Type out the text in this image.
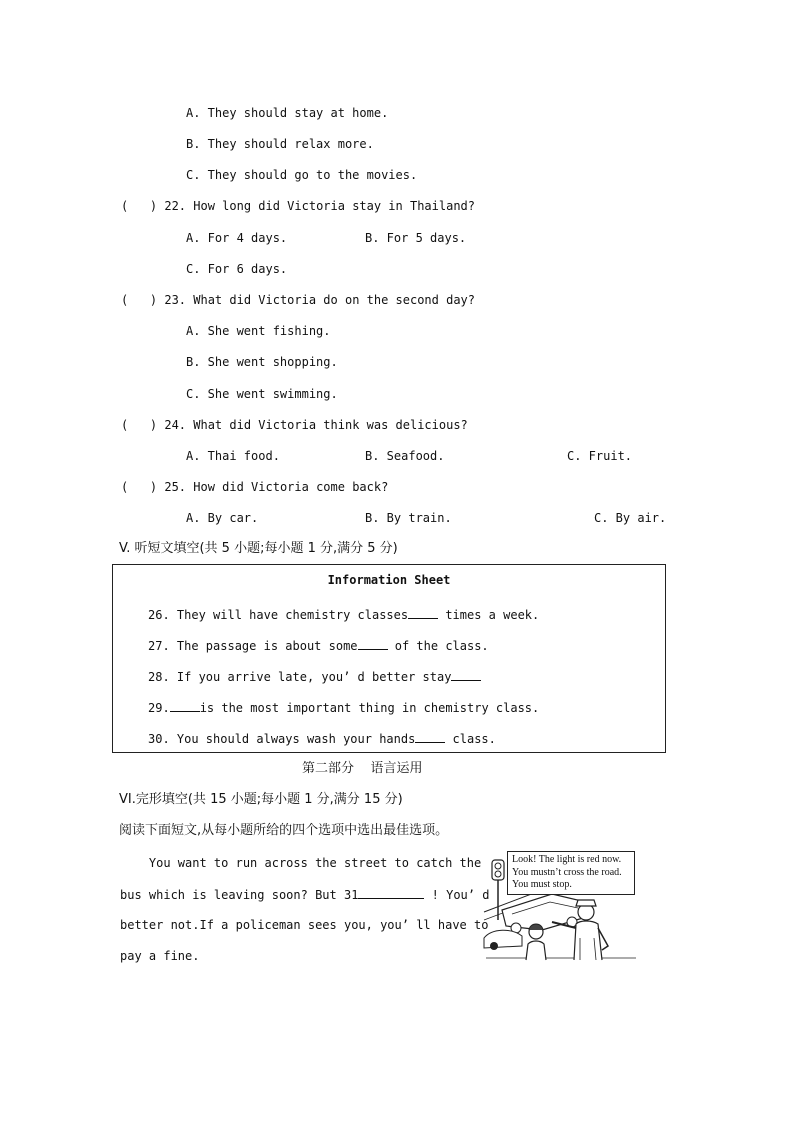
A. They should stay at home.
B. They should relax more.
C. They should go to the movies.
(   ) 22. How long did Victoria stay in Thailand?
A. For 4 days.	B. For 5 days.
C. For 6 days.
(   ) 23. What did Victoria do on the second day?
A. She went fishing.
B. She went shopping.
C. She went swimming.
(   ) 24. What did Victoria think was delicious?
A. Thai food.	B. Seafood.	C. Fruit.
(   ) 25. How did Victoria come back?
A. By car.	B. By train.	C. By air.
V. 听短文填空(共 5 小题;每小题 1 分,满分 5 分)
Information Sheet
26. They will have chemistry classes	times a week.
27. The passage is about some	of the class.
28. If you arrive late, you’ d better stay
29.	is the most important thing in chemistry class.
30. You should always wash your hands	class.
第二部分    语言运用
VI.完形填空(共 15 小题;每小题 1 分,满分 15 分)
阅读下面短文,从每小题所给的四个选项中选出最佳选项。
You want to run across the street to catch the
bus which is leaving soon? But 31	! You’ d
better not.If a policeman sees you, you’ ll have to
pay a fine.
Look! The light is red now.
You mustn’t cross the road.
You must stop.
